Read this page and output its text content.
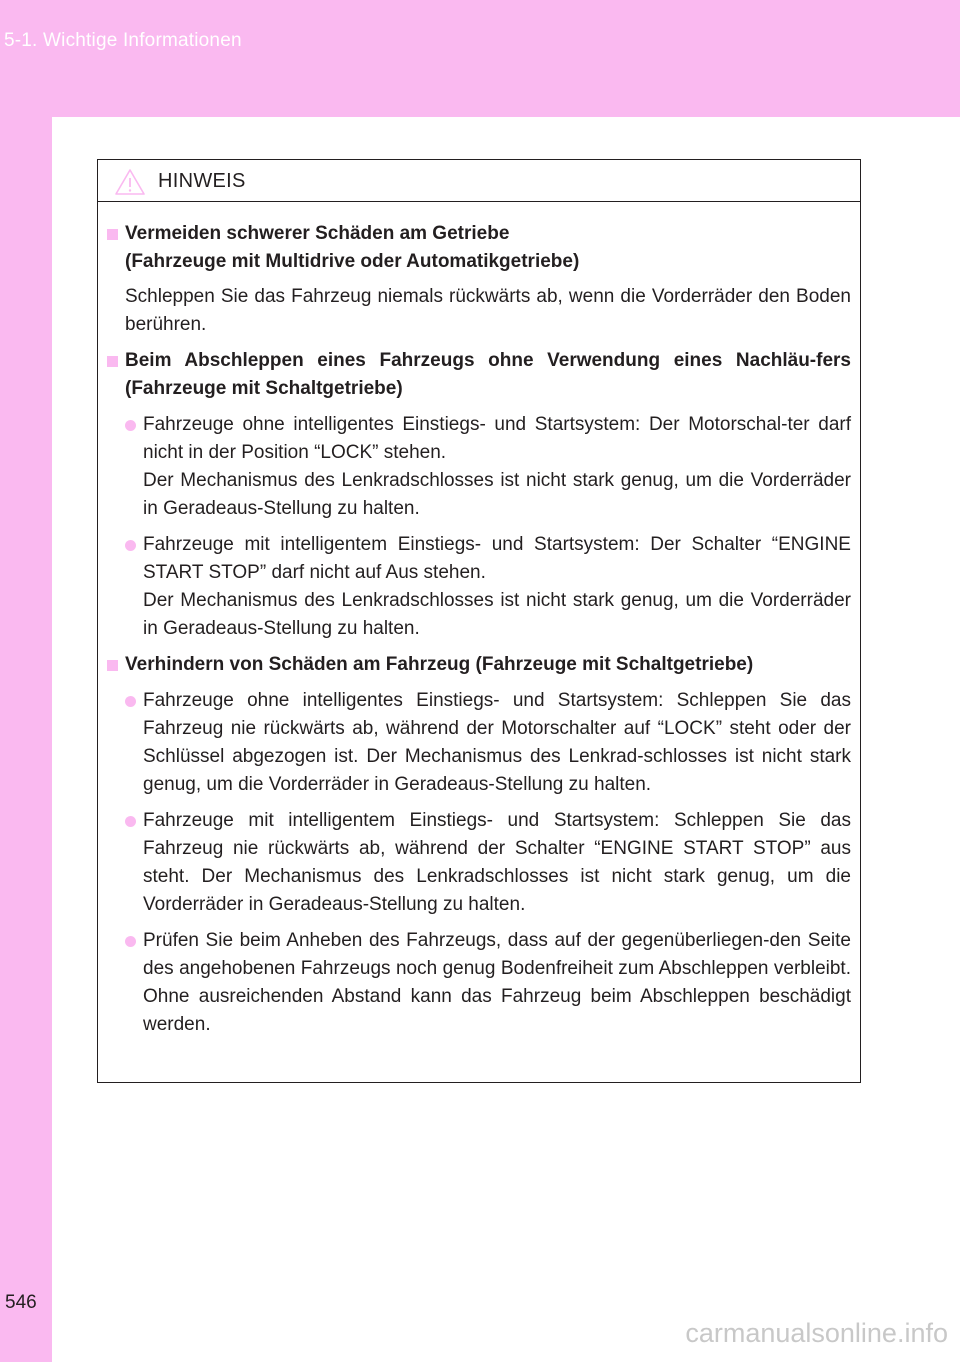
5-1. Wichtige Informationen
546
HINWEIS
Vermeiden schwerer Schäden am Getriebe
(Fahrzeuge mit Multidrive oder Automatikgetriebe)
Schleppen Sie das Fahrzeug niemals rückwärts ab, wenn die Vorderräder den Boden berühren.
Beim Abschleppen eines Fahrzeugs ohne Verwendung eines Nachläu-fers (Fahrzeuge mit Schaltgetriebe)
Fahrzeuge ohne intelligentes Einstiegs- und Startsystem: Der Motorschal-ter darf nicht in der Position “LOCK” stehen.
Der Mechanismus des Lenkradschlosses ist nicht stark genug, um die Vorderräder in Geradeaus-Stellung zu halten.
Fahrzeuge mit intelligentem Einstiegs- und Startsystem: Der Schalter “ENGINE START STOP” darf nicht auf Aus stehen.
Der Mechanismus des Lenkradschlosses ist nicht stark genug, um die Vorderräder in Geradeaus-Stellung zu halten.
Verhindern von Schäden am Fahrzeug (Fahrzeuge mit Schaltgetriebe)
Fahrzeuge ohne intelligentes Einstiegs- und Startsystem: Schleppen Sie das Fahrzeug nie rückwärts ab, während der Motorschalter auf “LOCK” steht oder der Schlüssel abgezogen ist. Der Mechanismus des Lenkrad-schlosses ist nicht stark genug, um die Vorderräder in Geradeaus-Stellung zu halten.
Fahrzeuge mit intelligentem Einstiegs- und Startsystem: Schleppen Sie das Fahrzeug nie rückwärts ab, während der Schalter “ENGINE START STOP” aus steht. Der Mechanismus des Lenkradschlosses ist nicht stark genug, um die Vorderräder in Geradeaus-Stellung zu halten.
Prüfen Sie beim Anheben des Fahrzeugs, dass auf der gegenüberliegen-den Seite des angehobenen Fahrzeugs noch genug Bodenfreiheit zum Abschleppen verbleibt. Ohne ausreichenden Abstand kann das Fahrzeug beim Abschleppen beschädigt werden.
carmanualsonline.info
